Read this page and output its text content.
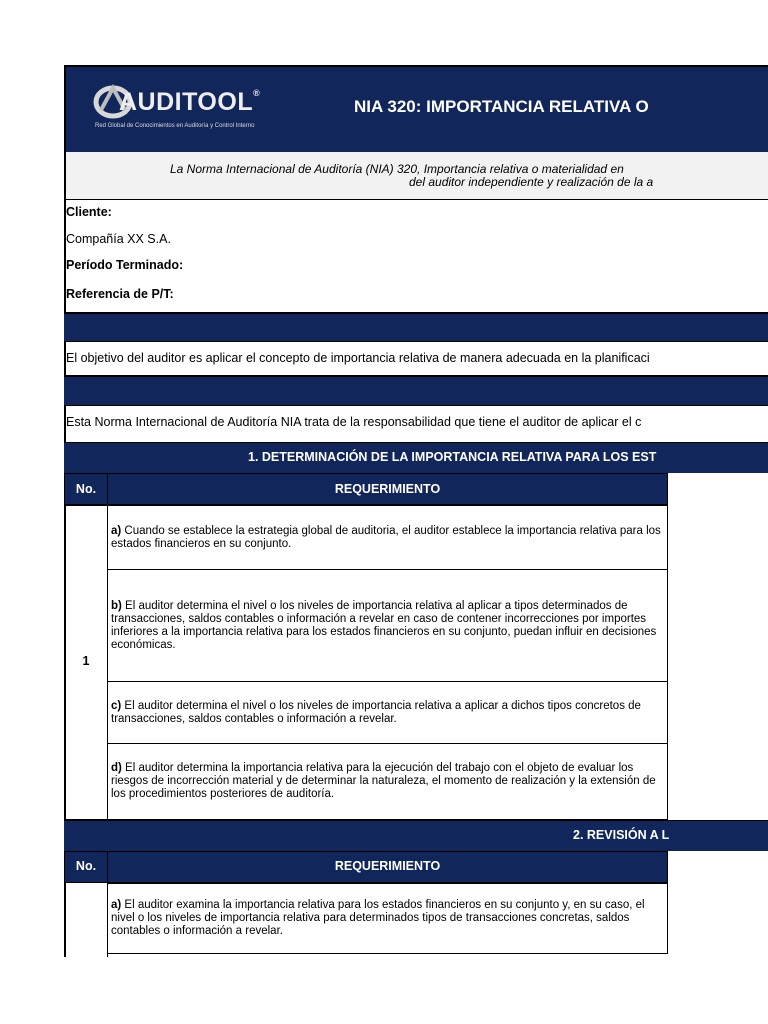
AUDITOOL®
Red Global de Conocimientos en Auditoría y Control Interno
NIA 320: IMPORTANCIA RELATIVA O
La Norma Internacional de Auditoría (NIA) 320, Importancia relativa o materialidad en
del auditor independiente y realización de la a
Cliente:
Compañía XX S.A.
Período Terminado:
Referencia de P/T:
El objetivo del auditor es aplicar el concepto de importancia relativa de manera adecuada en la planificaci
Esta Norma Internacional de Auditoría NIA trata de la responsabilidad que tiene el auditor de aplicar el c
1. DETERMINACIÓN DE LA IMPORTANCIA RELATIVA PARA LOS EST
No.	REQUERIMIENTO
1
a) Cuando se establece la estrategia global de auditoria, el auditor establece la importancia relativa para los estados financieros en su conjunto.
b) El auditor determina el nivel o los niveles de importancia relativa al aplicar a tipos determinados de transacciones, saldos contables o información a revelar en caso de contener incorrecciones por importes inferiores a la importancia relativa para los estados financieros en su conjunto, puedan influir en decisiones económicas.
c) El auditor determina el nivel o los niveles de importancia relativa a aplicar a dichos tipos concretos de transacciones, saldos contables o información a revelar.
d) El auditor determina la importancia relativa para la ejecución del trabajo con el objeto de evaluar los riesgos de incorrección material y de determinar la naturaleza, el momento de realización y la extensión de los procedimientos posteriores de auditoría.
2. REVISIÓN A L
No.	REQUERIMIENTO
a) El auditor examina la importancia relativa para los estados financieros en su conjunto y, en su caso, el nivel o los niveles de importancia relativa para determinados tipos de transacciones concretas, saldos contables o información a revelar.
